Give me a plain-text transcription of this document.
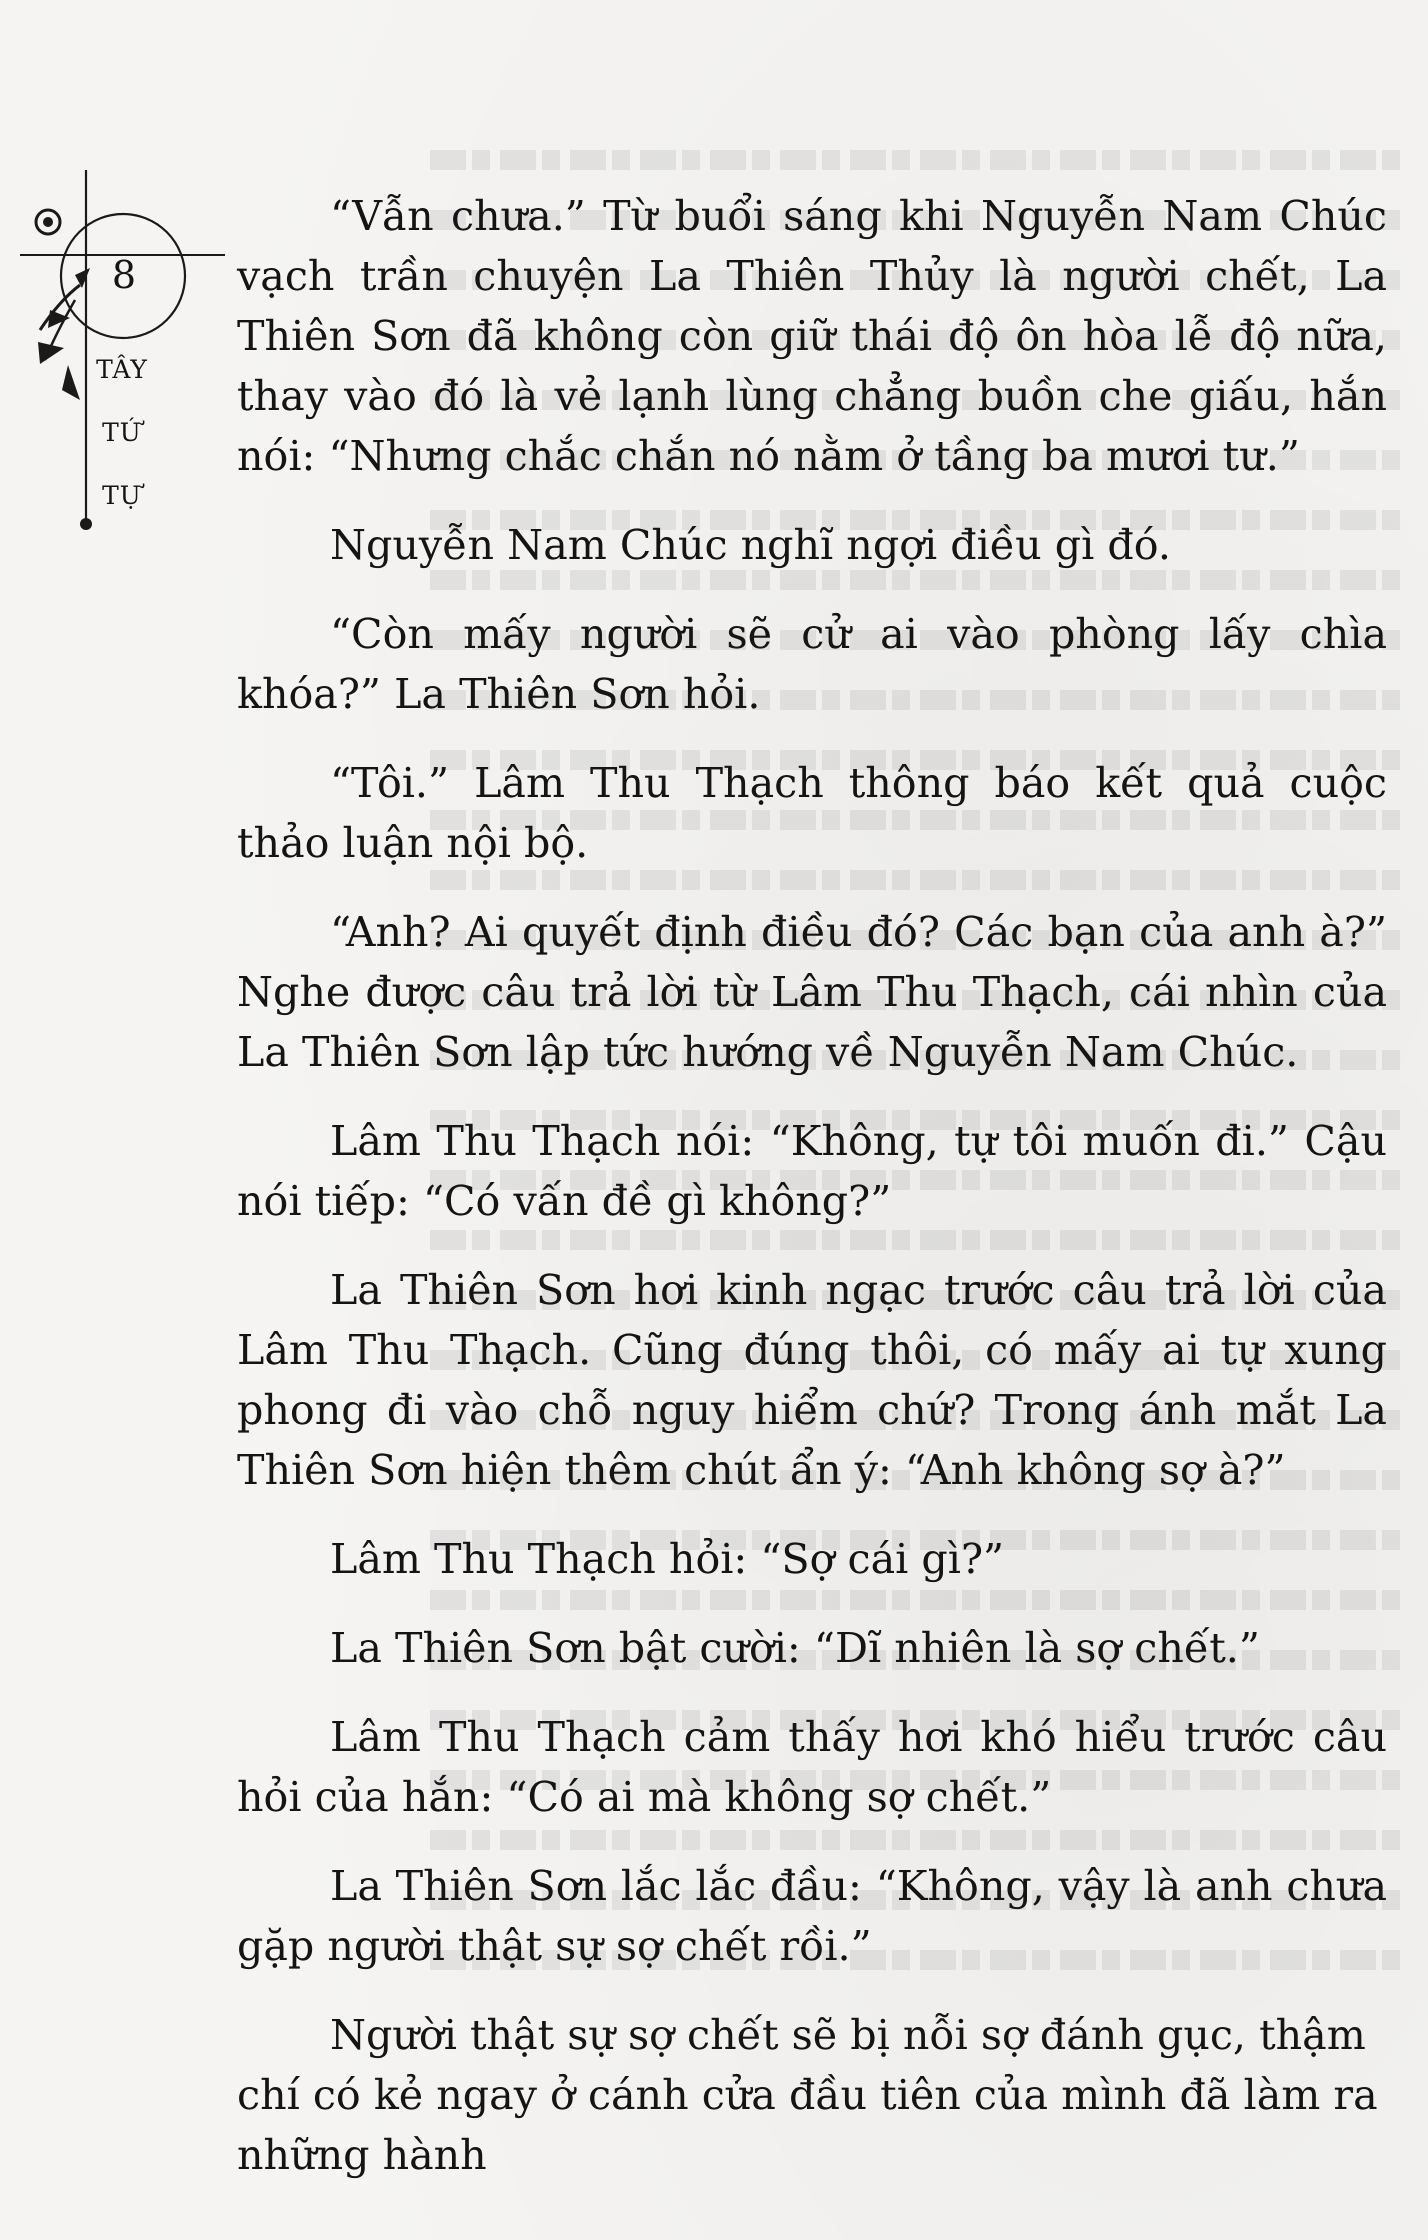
8
TÂY
TỨ
TỰ

“Vẫn chưa.” Từ buổi sáng khi Nguyễn Nam Chúc vạch trần chuyện La Thiên Thủy là người chết, La Thiên Sơn đã không còn giữ thái độ ôn hòa lễ độ nữa, thay vào đó là vẻ lạnh lùng chẳng buồn che giấu, hắn nói: “Nhưng chắc chắn nó nằm ở tầng ba mươi tư.”

Nguyễn Nam Chúc nghĩ ngợi điều gì đó.

“Còn mấy người sẽ cử ai vào phòng lấy chìa khóa?” La Thiên Sơn hỏi.

“Tôi.” Lâm Thu Thạch thông báo kết quả cuộc thảo luận nội bộ.

“Anh? Ai quyết định điều đó? Các bạn của anh à?” Nghe được câu trả lời từ Lâm Thu Thạch, cái nhìn của La Thiên Sơn lập tức hướng về Nguyễn Nam Chúc.

Lâm Thu Thạch nói: “Không, tự tôi muốn đi.” Cậu nói tiếp: “Có vấn đề gì không?”

La Thiên Sơn hơi kinh ngạc trước câu trả lời của Lâm Thu Thạch. Cũng đúng thôi, có mấy ai tự xung phong đi vào chỗ nguy hiểm chứ? Trong ánh mắt La Thiên Sơn hiện thêm chút ẩn ý: “Anh không sợ à?”

Lâm Thu Thạch hỏi: “Sợ cái gì?”

La Thiên Sơn bật cười: “Dĩ nhiên là sợ chết.”

Lâm Thu Thạch cảm thấy hơi khó hiểu trước câu hỏi của hắn: “Có ai mà không sợ chết.”

La Thiên Sơn lắc lắc đầu: “Không, vậy là anh chưa gặp người thật sự sợ chết rồi.”

Người thật sự sợ chết sẽ bị nỗi sợ đánh gục, thậm chí có kẻ ngay ở cánh cửa đầu tiên của mình đã làm ra những hành
